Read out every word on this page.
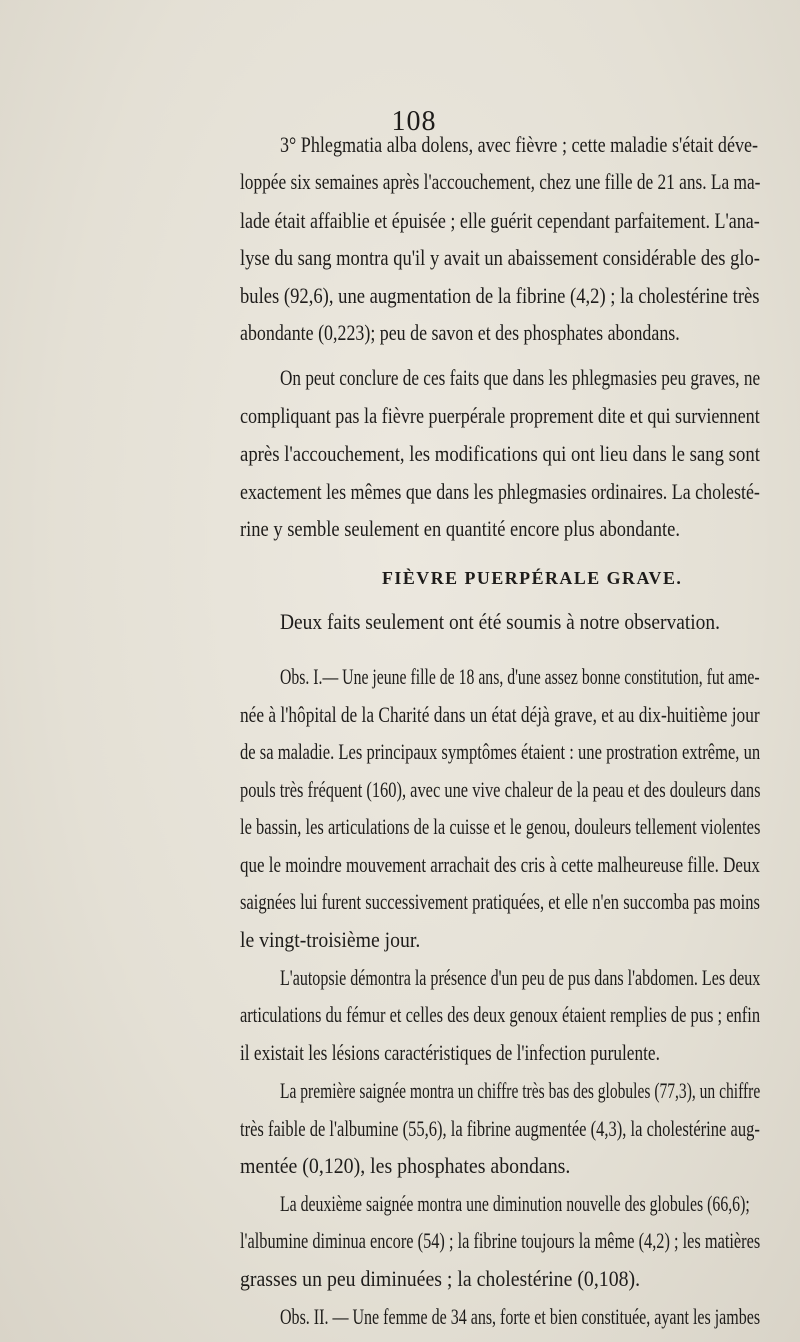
108
3° Phlegmatia alba dolens, avec fièvre ; cette maladie s'était déve-
loppée six semaines après l'accouchement, chez une fille de 21 ans. La ma-
lade était affaiblie et épuisée ; elle guérit cependant parfaitement. L'ana-
lyse du sang montra qu'il y avait un abaissement considérable des glo-
bules (92,6), une augmentation de la fibrine (4,2) ; la cholestérine très
abondante (0,223); peu de savon et des phosphates abondans.
On peut conclure de ces faits que dans les phlegmasies peu graves, ne
compliquant pas la fièvre puerpérale proprement dite et qui surviennent
après l'accouchement, les modifications qui ont lieu dans le sang sont
exactement les mêmes que dans les phlegmasies ordinaires. La cholesté-
rine y semble seulement en quantité encore plus abondante.
FIÈVRE PUERPÉRALE GRAVE.
Deux faits seulement ont été soumis à notre observation.
Obs. I.— Une jeune fille de 18 ans, d'une assez bonne constitution, fut ame-
née à l'hôpital de la Charité dans un état déjà grave, et au dix-huitième jour
de sa maladie. Les principaux symptômes étaient : une prostration extrême, un
pouls très fréquent (160), avec une vive chaleur de la peau et des douleurs dans
le bassin, les articulations de la cuisse et le genou, douleurs tellement violentes
que le moindre mouvement arrachait des cris à cette malheureuse fille. Deux
saignées lui furent successivement pratiquées, et elle n'en succomba pas moins
le vingt-troisième jour.
L'autopsie démontra la présence d'un peu de pus dans l'abdomen. Les deux
articulations du fémur et celles des deux genoux étaient remplies de pus ; enfin
il existait les lésions caractéristiques de l'infection purulente.
La première saignée montra un chiffre très bas des globules (77,3), un chiffre
très faible de l'albumine (55,6), la fibrine augmentée (4,3), la cholestérine aug-
mentée (0,120), les phosphates abondans.
La deuxième saignée montra une diminution nouvelle des globules (66,6);
l'albumine diminua encore (54) ; la fibrine toujours la même (4,2) ; les matières
grasses un peu diminuées ; la cholestérine (0,108).
Obs. II. — Une femme de 34 ans, forte et bien constituée, ayant les jambes
